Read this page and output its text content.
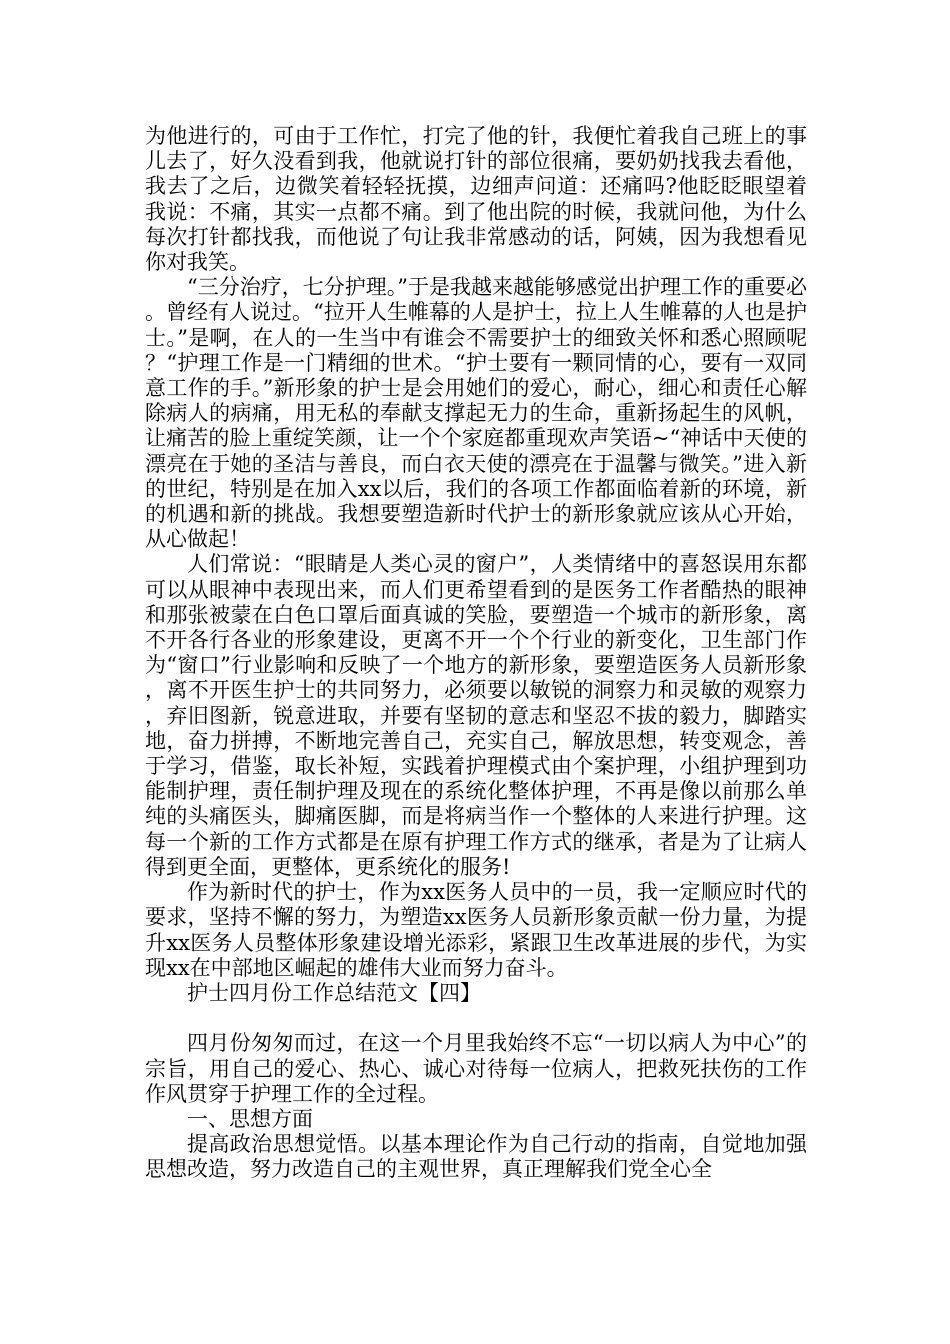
为他进行的，可由于工作忙，打完了他的针，我便忙着我自己班上的事儿去了，好久没看到我，他就说打针的部位很痛，要奶奶找我去看他，我去了之后，边微笑着轻轻抚摸，边细声问道：还痛吗?他眨眨眼望着我说：不痛，其实一点都不痛。到了他出院的时候，我就问他，为什么每次打针都找我，而他说了句让我非常感动的话，阿姨，因为我想看见你对我笑。

“三分治疗，七分护理。”于是我越来越能够感觉出护理工作的重要必。曾经有人说过。“拉开人生帷幕的人是护士，拉上人生帷幕的人也是护士。”是啊，在人的一生当中有谁会不需要护士的细致关怀和悉心照顾呢？“护理工作是一门精细的世术。“护士要有一颗同情的心，要有一双同意工作的手。”新形象的护士是会用她们的爱心，耐心，细心和责任心解除病人的病痛，用无私的奉献支撑起无力的生命，重新扬起生的风帆，让痛苦的脸上重绽笑颜，让一个个家庭都重现欢声笑语~“神话中天使的漂亮在于她的圣洁与善良，而白衣天使的漂亮在于温馨与微笑。”进入新的世纪，特别是在加入xx以后，我们的各项工作都面临着新的环境，新的机遇和新的挑战。我想要塑造新时代护士的新形象就应该从心开始，从心做起！

人们常说：“眼睛是人类心灵的窗户”，人类情绪中的喜怒误用东都可以从眼神中表现出来，而人们更希望看到的是医务工作者酷热的眼神和那张被蒙在白色口罩后面真诚的笑脸，要塑造一个城市的新形象，离不开各行各业的形象建设，更离不开一个个行业的新变化，卫生部门作为“窗口”行业影响和反映了一个地方的新形象，要塑造医务人员新形象，离不开医生护士的共同努力，必须要以敏锐的洞察力和灵敏的观察力，弃旧图新，锐意进取，并要有坚韧的意志和坚忍不拔的毅力，脚踏实地，奋力拼搏，不断地完善自己，充实自己，解放思想，转变观念，善于学习，借鉴，取长补短，实践着护理模式由个案护理，小组护理到功能制护理，责任制护理及现在的系统化整体护理，不再是像以前那么单纯的头痛医头，脚痛医脚，而是将病当作一个整体的人来进行护理。这每一个新的工作方式都是在原有护理工作方式的继承，者是为了让病人得到更全面，更整体，更系统化的服务!

作为新时代的护士，作为xx医务人员中的一员，我一定顺应时代的要求，坚持不懈的努力，为塑造xx医务人员新形象贡献一份力量，为提升xx医务人员整体形象建设增光添彩，紧跟卫生改革进展的步代，为实现xx在中部地区崛起的雄伟大业而努力奋斗。

护士四月份工作总结范文【四】

四月份匆匆而过，在这一个月里我始终不忘“一切以病人为中心”的宗旨，用自己的爱心、热心、诚心对待每一位病人，把救死扶伤的工作作风贯穿于护理工作的全过程。

一、思想方面

提高政治思想觉悟。以基本理论作为自己行动的指南，自觉地加强思想改造，努力改造自己的主观世界，真正理解我们党全心全
